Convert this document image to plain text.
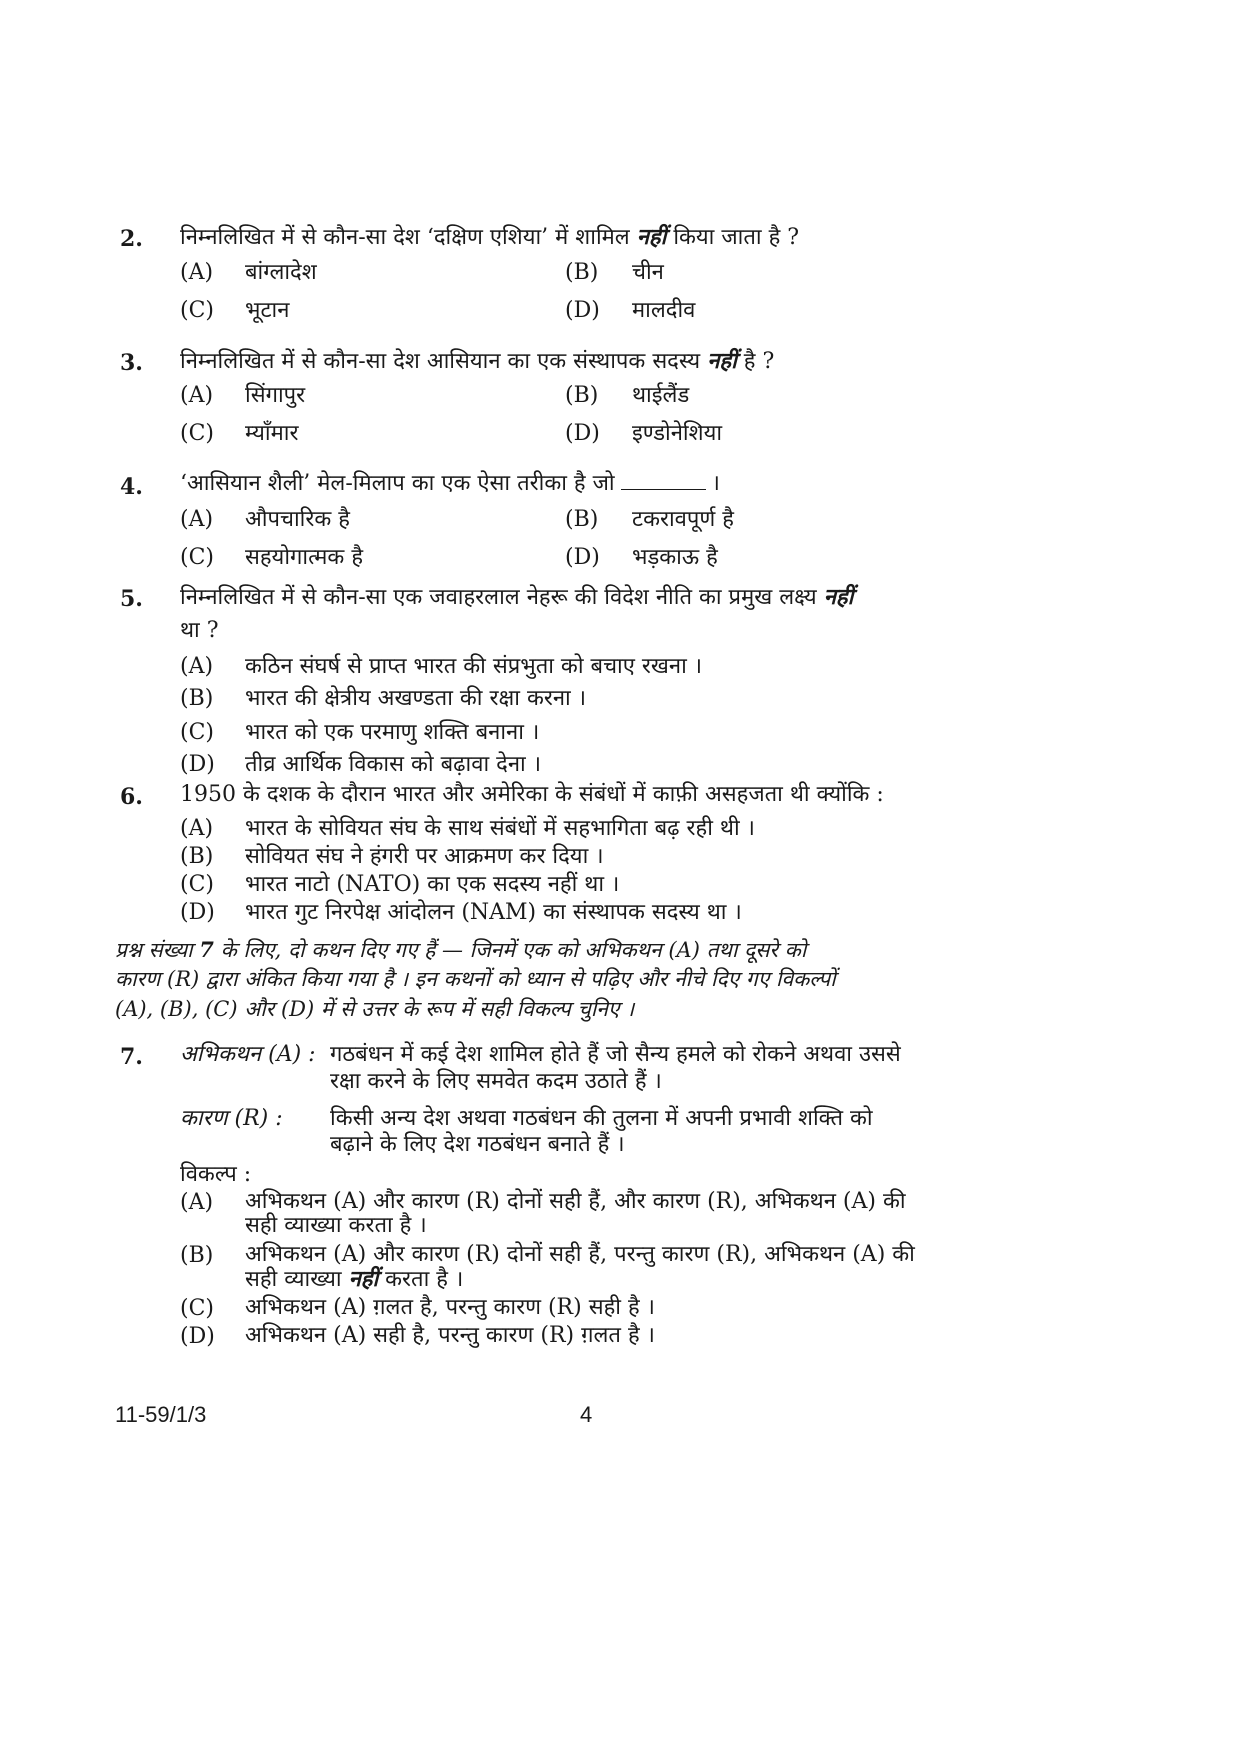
2. निम्नलिखित में से कौन-सा देश ‘दक्षिण एशिया’ में शामिल नहीं किया जाता है ?
(A) बांग्लादेश	(B) चीन
(C) भूटान	(D) मालदीव
3. निम्नलिखित में से कौन-सा देश आसियान का एक संस्थापक सदस्य नहीं है ?
(A) सिंगापुर	(B) थाईलैंड
(C) म्याँमार	(D) इण्डोनेशिया
4. ‘आसियान शैली’ मेल-मिलाप का एक ऐसा तरीका है जो	।
(A) औपचारिक है	(B) टकरावपूर्ण है
(C) सहयोगात्मक है	(D) भड़काऊ है
5. निम्नलिखित में से कौन-सा एक जवाहरलाल नेहरू की विदेश नीति का प्रमुख लक्ष्य नहीं
था ?
(A) कठिन संघर्ष से प्राप्त भारत की संप्रभुता को बचाए रखना ।
(B) भारत की क्षेत्रीय अखण्डता की रक्षा करना ।
(C) भारत को एक परमाणु शक्ति बनाना ।
(D) तीव्र आर्थिक विकास को बढ़ावा देना ।
6. 1950 के दशक के दौरान भारत और अमेरिका के संबंधों में काफ़ी असहजता थी क्योंकि :
(A) भारत के सोवियत संघ के साथ संबंधों में सहभागिता बढ़ रही थी ।
(B) सोवियत संघ ने हंगरी पर आक्रमण कर दिया ।
(C) भारत नाटो (NATO) का एक सदस्य नहीं था ।
(D) भारत गुट निरपेक्ष आंदोलन (NAM) का संस्थापक सदस्य था ।
प्रश्न संख्या 7 के लिए, दो कथन दिए गए हैं — जिनमें एक को अभिकथन (A) तथा दूसरे को
कारण (R) द्वारा अंकित किया गया है । इन कथनों को ध्यान से पढ़िए और नीचे दिए गए विकल्पों
(A), (B), (C) और (D) में से उत्तर के रूप में सही विकल्प चुनिए ।
7. अभिकथन (A) : गठबंधन में कई देश शामिल होते हैं जो सैन्य हमले को रोकने अथवा उससे
रक्षा करने के लिए समवेत कदम उठाते हैं ।
कारण (R) : किसी अन्य देश अथवा गठबंधन की तुलना में अपनी प्रभावी शक्ति को
बढ़ाने के लिए देश गठबंधन बनाते हैं ।
विकल्प :
(A) अभिकथन (A) और कारण (R) दोनों सही हैं, और कारण (R), अभिकथन (A) की
सही व्याख्या करता है ।
(B) अभिकथन (A) और कारण (R) दोनों सही हैं, परन्तु कारण (R), अभिकथन (A) की
सही व्याख्या नहीं करता है ।
(C) अभिकथन (A) ग़लत है, परन्तु कारण (R) सही है ।
(D) अभिकथन (A) सही है, परन्तु कारण (R) ग़लत है ।
11-59/1/3	4
